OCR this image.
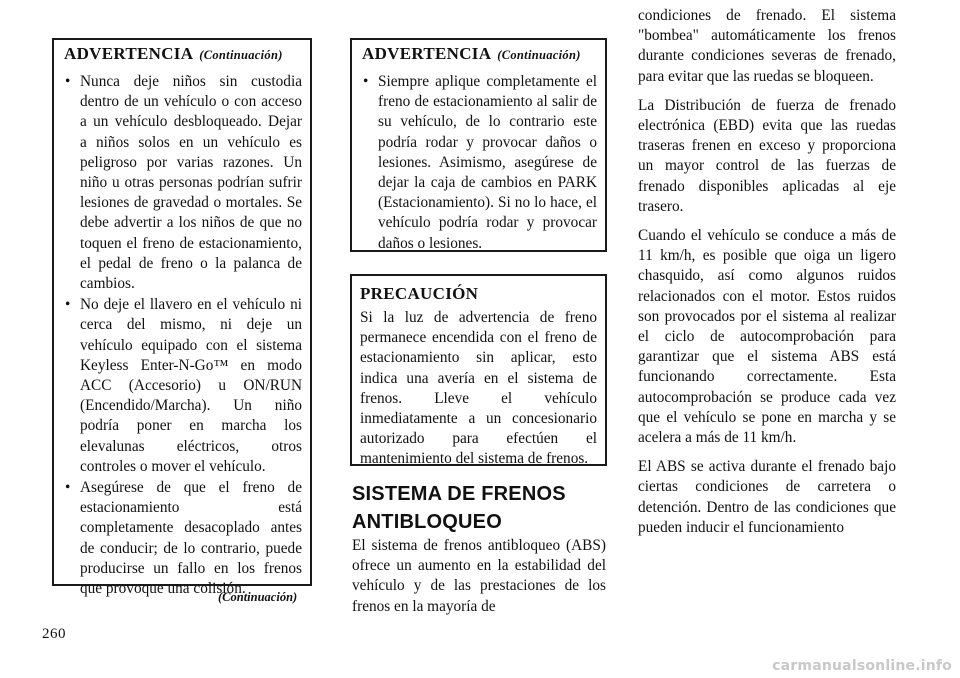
ADVERTENCIA (Continuación)
• Nunca deje niños sin custodia dentro de un vehículo o con acceso a un vehículo desbloqueado. Dejar a niños solos en un vehículo es peligroso por varias razones. Un niño u otras personas podrían sufrir lesiones de gravedad o mortales. Se debe advertir a los niños de que no toquen el freno de estacionamiento, el pedal de freno o la palanca de cambios.
• No deje el llavero en el vehículo ni cerca del mismo, ni deje un vehículo equipado con el sistema Keyless Enter-N-Go™ en modo ACC (Accesorio) u ON/RUN (Encendido/Marcha). Un niño podría poner en marcha los elevalunas eléctricos, otros controles o mover el vehículo.
• Asegúrese de que el freno de estacionamiento está completamente desacoplado antes de conducir; de lo contrario, puede producirse un fallo en los frenos que provoque una colisión.
(Continuación)
ADVERTENCIA (Continuación)
• Siempre aplique completamente el freno de estacionamiento al salir de su vehículo, de lo contrario este podría rodar y provocar daños o lesiones. Asimismo, asegúrese de dejar la caja de cambios en PARK (Estacionamiento). Si no lo hace, el vehículo podría rodar y provocar daños o lesiones.
PRECAUCIÓN
Si la luz de advertencia de freno permanece encendida con el freno de estacionamiento sin aplicar, esto indica una avería en el sistema de frenos. Lleve el vehículo inmediatamente a un concesionario autorizado para efectúen el mantenimiento del sistema de frenos.
SISTEMA DE FRENOS
ANTIBLOQUEO
El sistema de frenos antibloqueo (ABS) ofrece un aumento en la estabilidad del vehículo y de las prestaciones de los frenos en la mayoría de

condiciones de frenado. El sistema "bombea" automáticamente los frenos durante condiciones severas de frenado, para evitar que las ruedas se bloqueen.

La Distribución de fuerza de frenado electrónica (EBD) evita que las ruedas traseras frenen en exceso y proporciona un mayor control de las fuerzas de frenado disponibles aplicadas al eje trasero.

Cuando el vehículo se conduce a más de 11 km/h, es posible que oiga un ligero chasquido, así como algunos ruidos relacionados con el motor. Estos ruidos son provocados por el sistema al realizar el ciclo de autocomprobación para garantizar que el sistema ABS está funcionando correctamente. Esta autocomprobación se produce cada vez que el vehículo se pone en marcha y se acelera a más de 11 km/h.

El ABS se activa durante el frenado bajo ciertas condiciones de carretera o detención. Dentro de las condiciones que pueden inducir el funcionamiento

260
carmanualsonline.info
